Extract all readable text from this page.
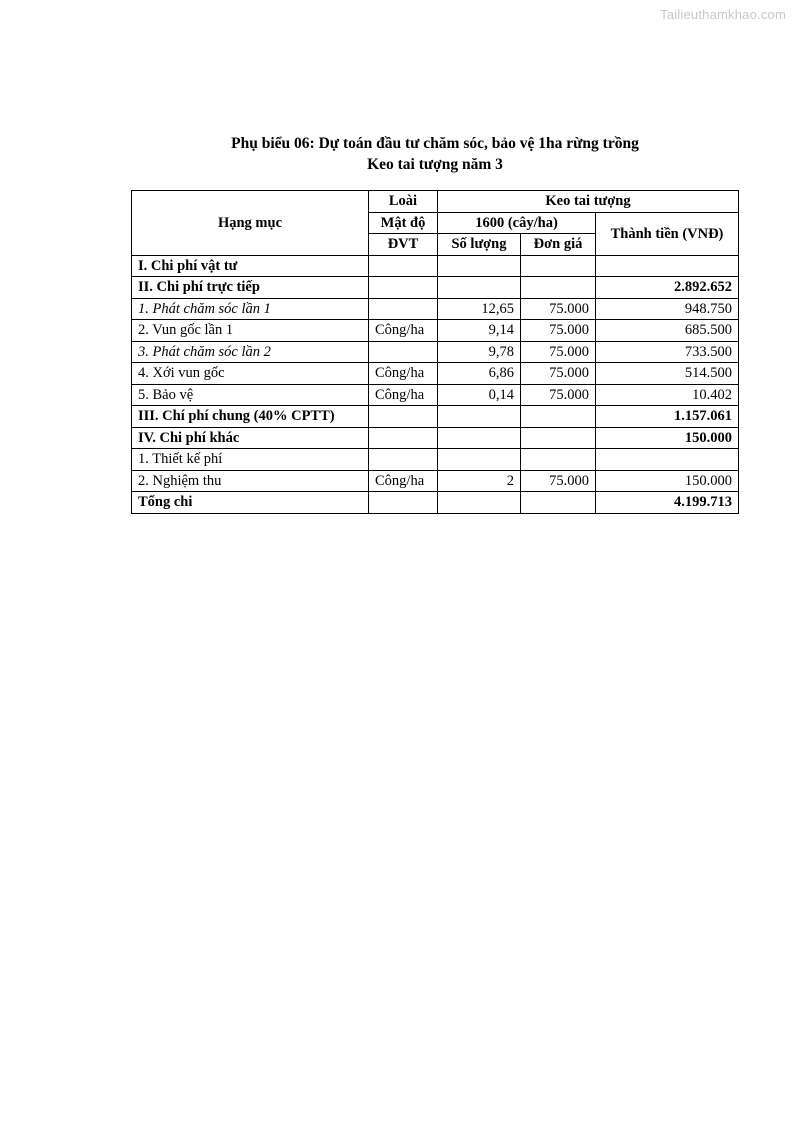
Tailieuthamkhao.com
Phụ biểu 06: Dự toán đầu tư chăm sóc, bảo vệ 1ha rừng trồng
Keo tai tượng năm 3
Hạng mục	Loài	Keo tai tượng		
	Mật độ	1600 (cây/ha)		Thành tiền (VNĐ)
	ĐVT	Số lượng	Đơn giá	
I. Chi phí vật tư				
II. Chi phí trực tiếp				2.892.652
1. Phát chăm sóc lần 1		12,65	75.000	948.750
2. Vun gốc lần 1	Công/ha	9,14	75.000	685.500
3. Phát chăm sóc lần 2		9,78	75.000	733.500
4. Xới vun gốc	Công/ha	6,86	75.000	514.500
5. Bảo vệ	Công/ha	0,14	75.000	10.402
III. Chí phí chung (40% CPTT)				1.157.061
IV. Chi phí khác				150.000
1. Thiết kế phí				
2. Nghiệm thu	Công/ha	2	75.000	150.000
Tổng chi				4.199.713
